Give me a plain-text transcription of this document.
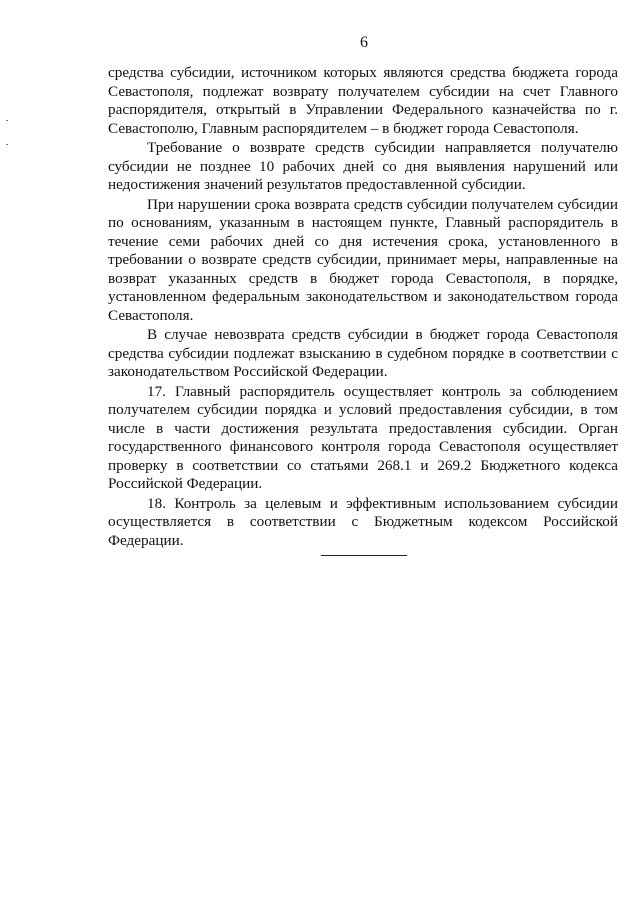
6

средства субсидии, источником которых являются средства бюджета города Севастополя, подлежат возврату получателем субсидии на счет Главного распорядителя, открытый в Управлении Федерального казначейства по г. Севастополю, Главным распорядителем – в бюджет города Севастополя.

Требование о возврате средств субсидии направляется получателю субсидии не позднее 10 рабочих дней со дня выявления нарушений или недостижения значений результатов предоставленной субсидии.

При нарушении срока возврата средств субсидии получателем субсидии по основаниям, указанным в настоящем пункте, Главный распорядитель в течение семи рабочих дней со дня истечения срока, установленного в требовании о возврате средств субсидии, принимает меры, направленные на возврат указанных средств в бюджет города Севастополя, в порядке, установленном федеральным законодательством и законодательством города Севастополя.

В случае невозврата средств субсидии в бюджет города Севастополя средства субсидии подлежат взысканию в судебном порядке в соответствии с законодательством Российской Федерации.

17. Главный распорядитель осуществляет контроль за соблюдением получателем субсидии порядка и условий предоставления субсидии, в том числе в части достижения результата предоставления субсидии. Орган государственного финансового контроля города Севастополя осуществляет проверку в соответствии со статьями 268.1 и 269.2 Бюджетного кодекса Российской Федерации.

18. Контроль за целевым и эффективным использованием субсидии осуществляется в соответствии с Бюджетным кодексом Российской Федерации.
